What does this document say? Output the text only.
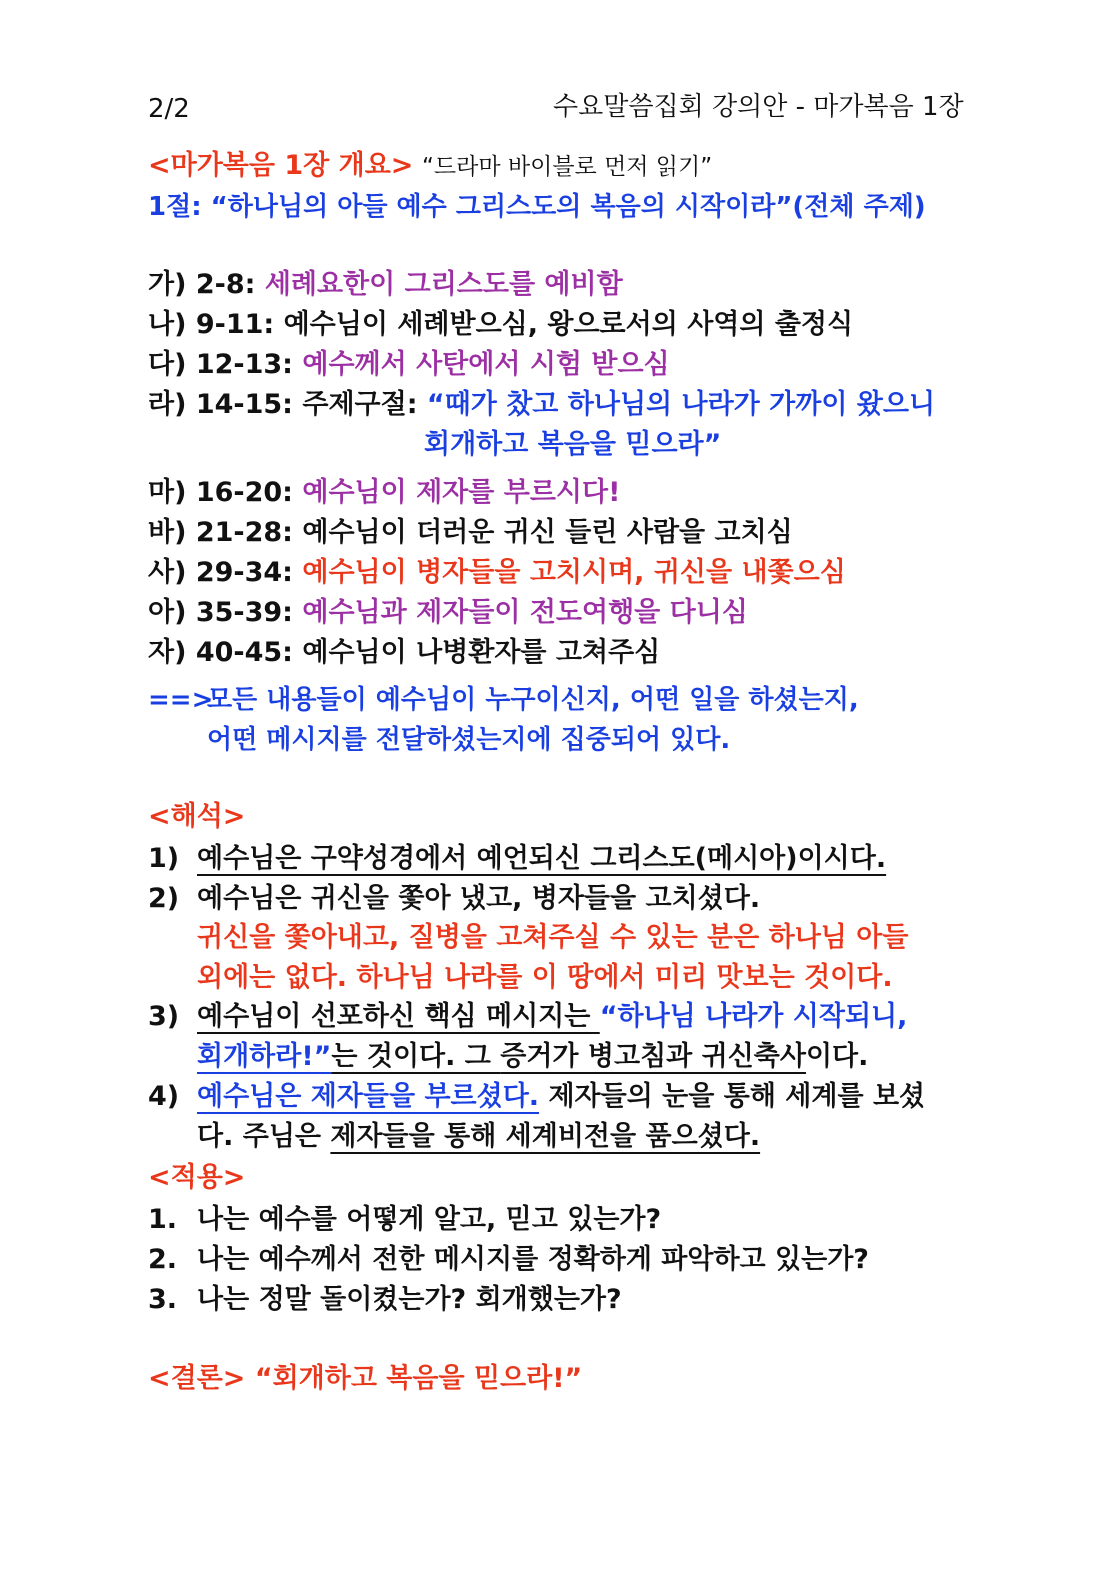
2/2	수요말씀집회 강의안 - 마가복음 1장
<마가복음 1장 개요> “드라마 바이블로 먼저 읽기”
1절: “하나님의 아들 예수 그리스도의 복음의 시작이라”(전체 주제)
가) 2-8: 세례요한이 그리스도를 예비함
나) 9-11: 예수님이 세례받으심, 왕으로서의 사역의 출정식
다) 12-13: 예수께서 사탄에서 시험 받으심
라) 14-15: 주제구절: “때가 찼고 하나님의 나라가 가까이 왔으니
회개하고 복음을 믿으라”
마) 16-20: 예수님이 제자를 부르시다!
바) 21-28: 예수님이 더러운 귀신 들린 사람을 고치심
사) 29-34: 예수님이 병자들을 고치시며, 귀신을 내쫓으심
아) 35-39: 예수님과 제자들이 전도여행을 다니심
자) 40-45: 예수님이 나병환자를 고쳐주심
==>
모든 내용들이 예수님이 누구이신지, 어떤 일을 하셨는지,
어떤 메시지를 전달하셨는지에 집중되어 있다.
<해석>
1) 예수님은 구약성경에서 예언되신 그리스도(메시아)이시다.
2) 예수님은 귀신을 쫓아 냈고, 병자들을 고치셨다.
귀신을 쫓아내고, 질병을 고쳐주실 수 있는 분은 하나님 아들
외에는 없다. 하나님 나라를 이 땅에서 미리 맛보는 것이다.
3) 예수님이 선포하신 핵심 메시지는 “하나님 나라가 시작되니,
회개하라!”는 것이다. 그 증거가 병고침과 귀신축사이다.
4) 예수님은 제자들을 부르셨다. 제자들의 눈을 통해 세계를 보셨
다. 주님은 제자들을 통해 세계비전을 품으셨다.
<적용>
1. 나는 예수를 어떻게 알고, 믿고 있는가?
2. 나는 예수께서 전한 메시지를 정확하게 파악하고 있는가?
3. 나는 정말 돌이켰는가? 회개했는가?
<결론> “회개하고 복음을 믿으라!”
